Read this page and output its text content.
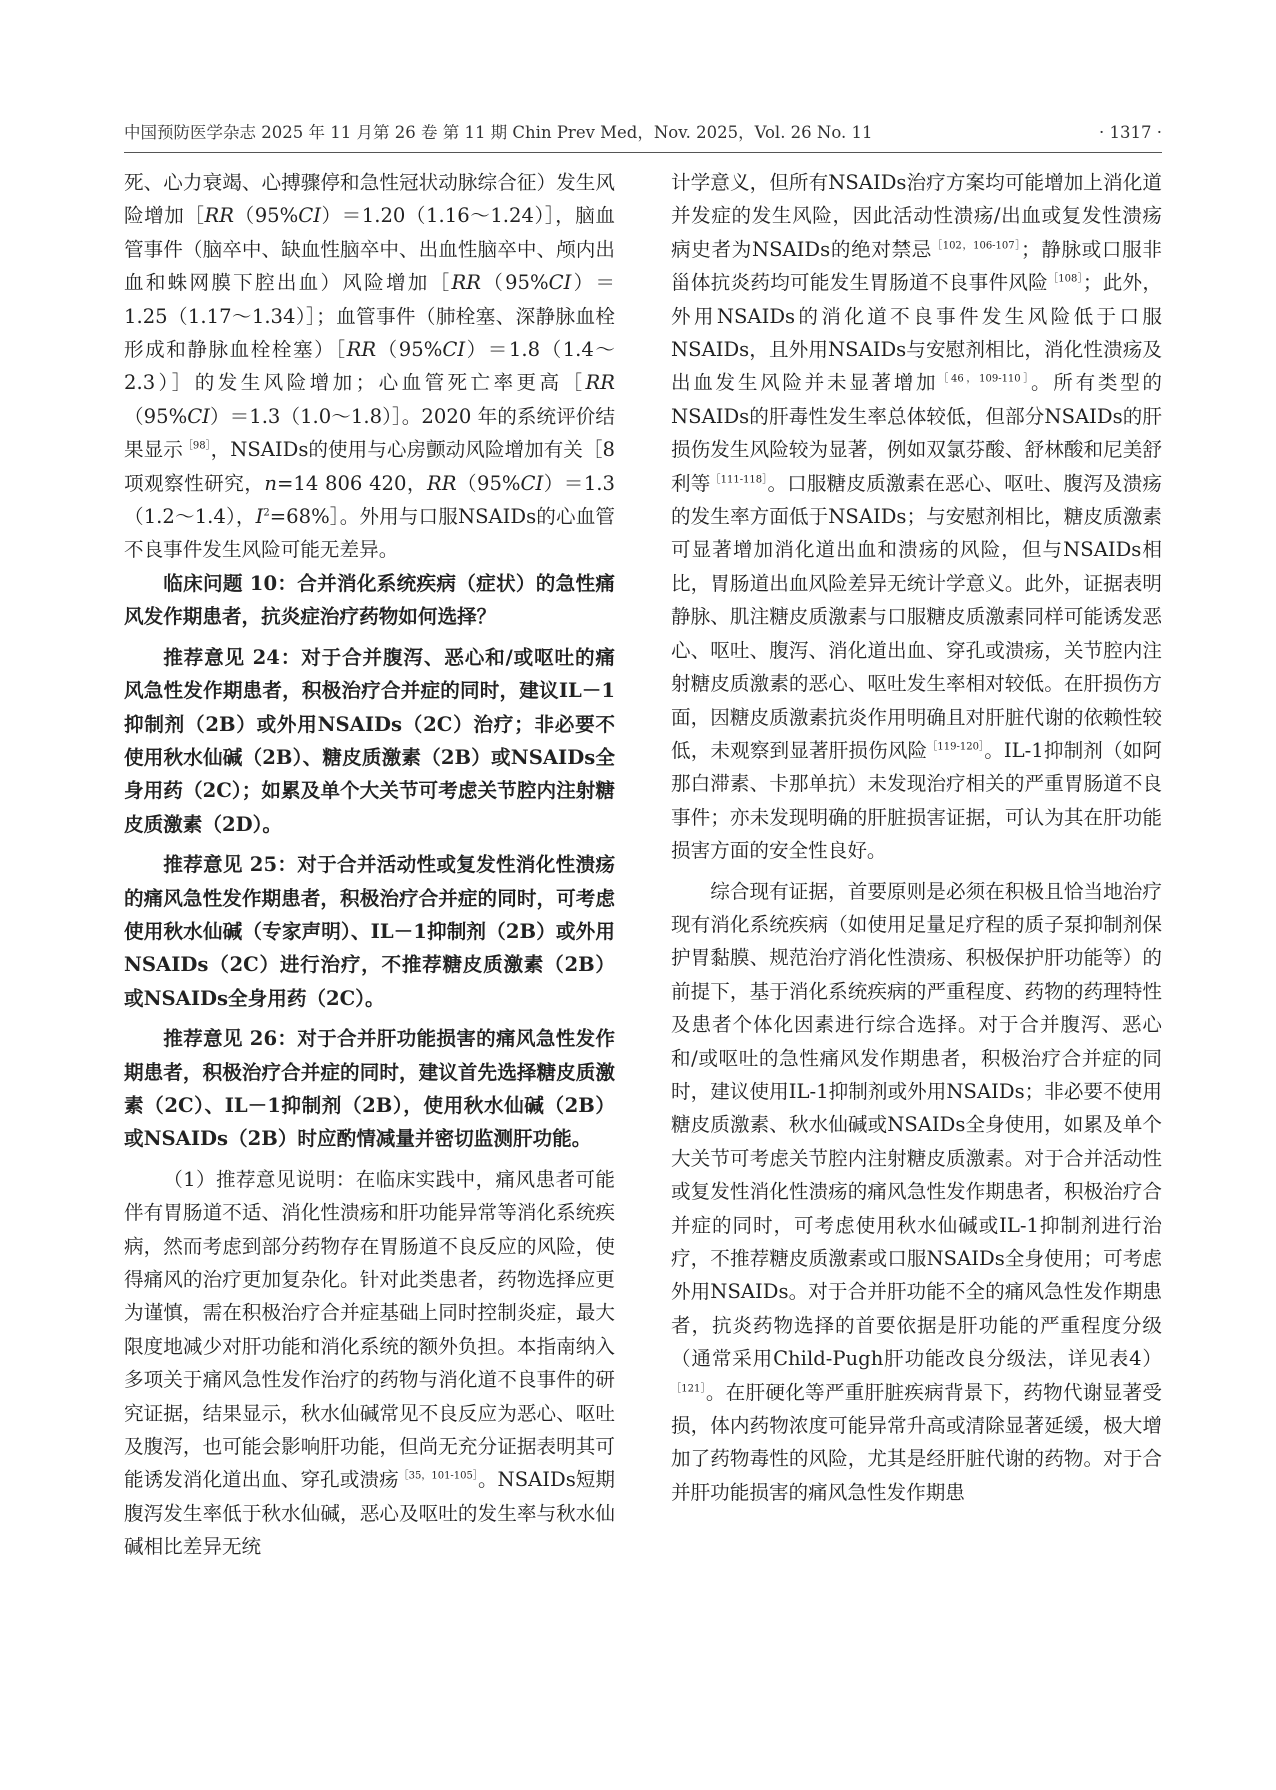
中国预防医学杂志 2025 年 11 月第 26 卷 第 11 期 Chin Prev Med，Nov. 2025，Vol. 26 No. 11	· 1317 ·

死、心力衰竭、心搏骤停和急性冠状动脉综合征）发生风险增加［RR（95%CI）＝1.20（1.16～1.24）］，脑血管事件（脑卒中、缺血性脑卒中、出血性脑卒中、颅内出血和蛛网膜下腔出血）风险增加［RR（95%CI）＝1.25（1.17～1.34）］；血管事件（肺栓塞、深静脉血栓形成和静脉血栓栓塞）［RR（95%CI）＝1.8（1.4～2.3）］的发生风险增加；心血管死亡率更高［RR（95%CI）＝1.3（1.0～1.8）］。2020 年的系统评价结果显示$^{[98]}$，NSAIDs的使用与心房颤动风险增加有关［8项观察性研究，n=14 806 420，RR（95%CI）＝1.3（1.2～1.4），$I^2=68\%]$。外用与口服NSAIDs的心血管不良事件发生风险可能无差异。

临床问题 10：合并消化系统疾病（症状）的急性痛风发作期患者，抗炎症治疗药物如何选择？

推荐意见 24：对于合并腹泻、恶心和/或呕吐的痛风急性发作期患者，积极治疗合并症的同时，建议IL－1抑制剂（2B）或外用NSAIDs（2C）治疗；非必要不使用秋水仙碱（2B）、糖皮质激素（2B）或NSAIDs全身用药（2C）；如累及单个大关节可考虑关节腔内注射糖皮质激素（2D）。

推荐意见 25：对于合并活动性或复发性消化性溃疡的痛风急性发作期患者，积极治疗合并症的同时，可考虑使用秋水仙碱（专家声明）、IL－1抑制剂（2B）或外用NSAIDs（2C）进行治疗，不推荐糖皮质激素（2B）或NSAIDs全身用药（2C）。

推荐意见 26：对于合并肝功能损害的痛风急性发作期患者，积极治疗合并症的同时，建议首先选择糖皮质激素（2C）、IL－1抑制剂（2B），使用秋水仙碱（2B）或NSAIDs（2B）时应酌情减量并密切监测肝功能。

（1）推荐意见说明：在临床实践中，痛风患者可能伴有胃肠道不适、消化性溃疡和肝功能异常等消化系统疾病，然而考虑到部分药物存在胃肠道不良反应的风险，使得痛风的治疗更加复杂化。针对此类患者，药物选择应更为谨慎，需在积极治疗合并症基础上同时控制炎症，最大限度地减少对肝功能和消化系统的额外负担。本指南纳入多项关于痛风急性发作治疗的药物与消化道不良事件的研究证据，结果显示，秋水仙碱常见不良反应为恶心、呕吐及腹泻，也可能会影响肝功能，但尚无充分证据表明其可能诱发消化道出血、穿孔或溃疡$^{[35,101-105]}$。NSAIDs短期腹泻发生率低于秋水仙碱，恶心及呕吐的发生率与秋水仙碱相比差异无统

计学意义，但所有NSAIDs治疗方案均可能增加上消化道并发症的发生风险，因此活动性溃疡/出血或复发性溃疡病史者为NSAIDs的绝对禁忌$^{[102,106-107]}$；静脉或口服非甾体抗炎药均可能发生胃肠道不良事件风险$^{[108]}$；此外，外用NSAIDs的消化道不良事件发生风险低于口服NSAIDs，且外用NSAIDs与安慰剂相比，消化性溃疡及出血发生风险并未显著增加$^{[46,109-110]}$。所有类型的NSAIDs的肝毒性发生率总体较低，但部分NSAIDs的肝损伤发生风险较为显著，例如双氯芬酸、舒林酸和尼美舒利等$^{[111-118]}$。口服糖皮质激素在恶心、呕吐、腹泻及溃疡的发生率方面低于NSAIDs；与安慰剂相比，糖皮质激素可显著增加消化道出血和溃疡的风险，但与NSAIDs相比，胃肠道出血风险差异无统计学意义。此外，证据表明静脉、肌注糖皮质激素与口服糖皮质激素同样可能诱发恶心、呕吐、腹泻、消化道出血、穿孔或溃疡，关节腔内注射糖皮质激素的恶心、呕吐发生率相对较低。在肝损伤方面，因糖皮质激素抗炎作用明确且对肝脏代谢的依赖性较低，未观察到显著肝损伤风险$^{[119-120]}$。IL-1抑制剂（如阿那白滞素、卡那单抗）未发现治疗相关的严重胃肠道不良事件；亦未发现明确的肝脏损害证据，可认为其在肝功能损害方面的安全性良好。

综合现有证据，首要原则是必须在积极且恰当地治疗现有消化系统疾病（如使用足量足疗程的质子泵抑制剂保护胃黏膜、规范治疗消化性溃疡、积极保护肝功能等）的前提下，基于消化系统疾病的严重程度、药物的药理特性及患者个体化因素进行综合选择。对于合并腹泻、恶心和/或呕吐的急性痛风发作期患者，积极治疗合并症的同时，建议使用IL-1抑制剂或外用NSAIDs；非必要不使用糖皮质激素、秋水仙碱或NSAIDs全身使用，如累及单个大关节可考虑关节腔内注射糖皮质激素。对于合并活动性或复发性消化性溃疡的痛风急性发作期患者，积极治疗合并症的同时，可考虑使用秋水仙碱或IL-1抑制剂进行治疗，不推荐糖皮质激素或口服NSAIDs全身使用；可考虑外用NSAIDs。对于合并肝功能不全的痛风急性发作期患者，抗炎药物选择的首要依据是肝功能的严重程度分级（通常采用Child-Pugh肝功能改良分级法，详见表4）$^{[121]}$。在肝硬化等严重肝脏疾病背景下，药物代谢显著受损，体内药物浓度可能异常升高或清除显著延缓，极大增加了药物毒性的风险，尤其是经肝脏代谢的药物。对于合并肝功能损害的痛风急性发作期患
